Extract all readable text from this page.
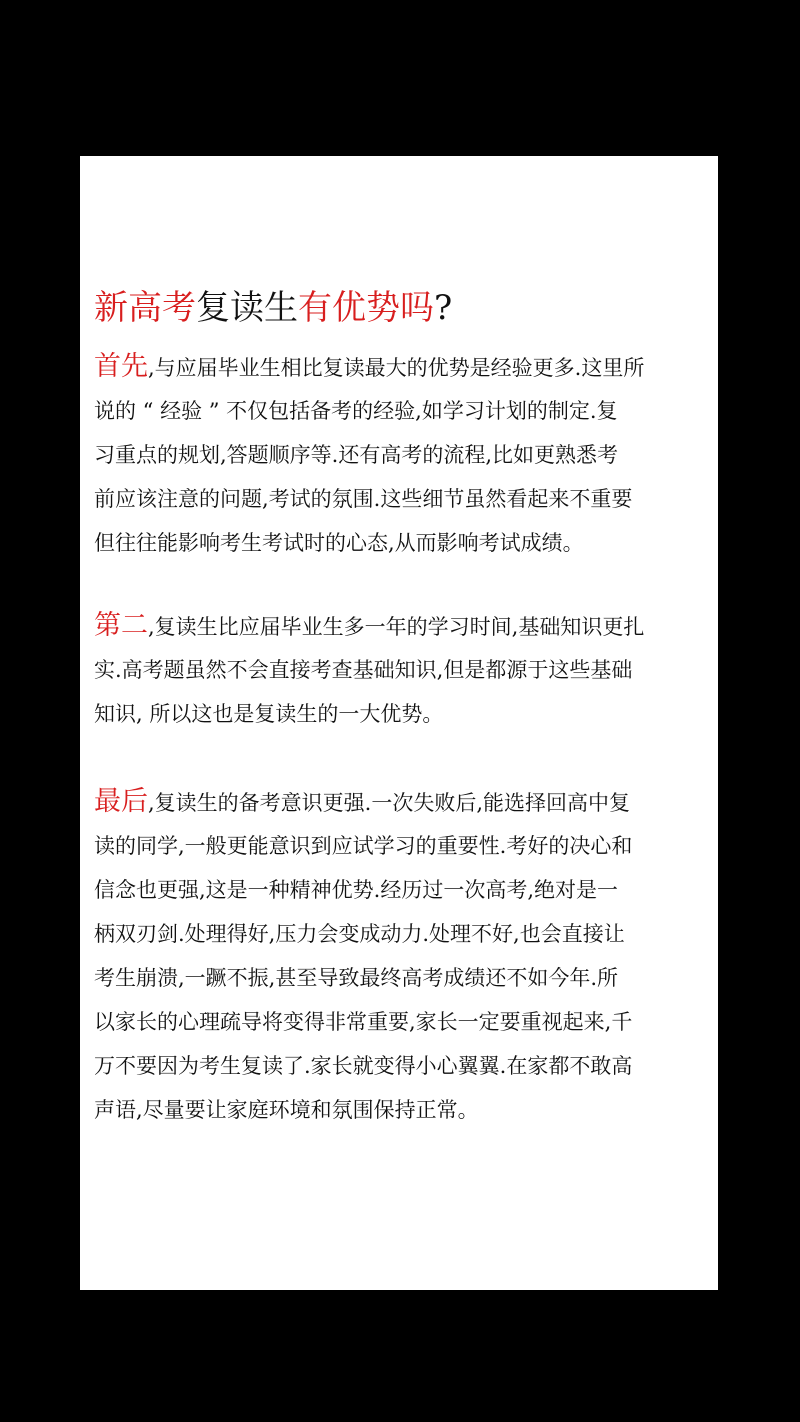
新高考复读生有优势吗?
首先,与应届毕业生相比复读最大的优势是经验更多.这里所
说的 “ 经验 ” 不仅包括备考的经验,如学习计划的制定.复
习重点的规划,答题顺序等.还有高考的流程,比如更熟悉考
前应该注意的问题,考试的氛围.这些细节虽然看起来不重要
但往往能影响考生考试时的心态,从而影响考试成绩。
第二,复读生比应届毕业生多一年的学习时间,基础知识更扎
实.高考题虽然不会直接考查基础知识,但是都源于这些基础
知识, 所以这也是复读生的一大优势。
最后,复读生的备考意识更强.一次失败后,能选择回高中复
读的同学,一般更能意识到应试学习的重要性.考好的决心和
信念也更强,这是一种精神优势.经历过一次高考,绝对是一
柄双刃剑.处理得好,压力会变成动力.处理不好,也会直接让
考生崩溃,一蹶不振,甚至导致最终高考成绩还不如今年.所
以家长的心理疏导将变得非常重要,家长一定要重视起来,千
万不要因为考生复读了.家长就变得小心翼翼.在家都不敢高
声语,尽量要让家庭环境和氛围保持正常。
